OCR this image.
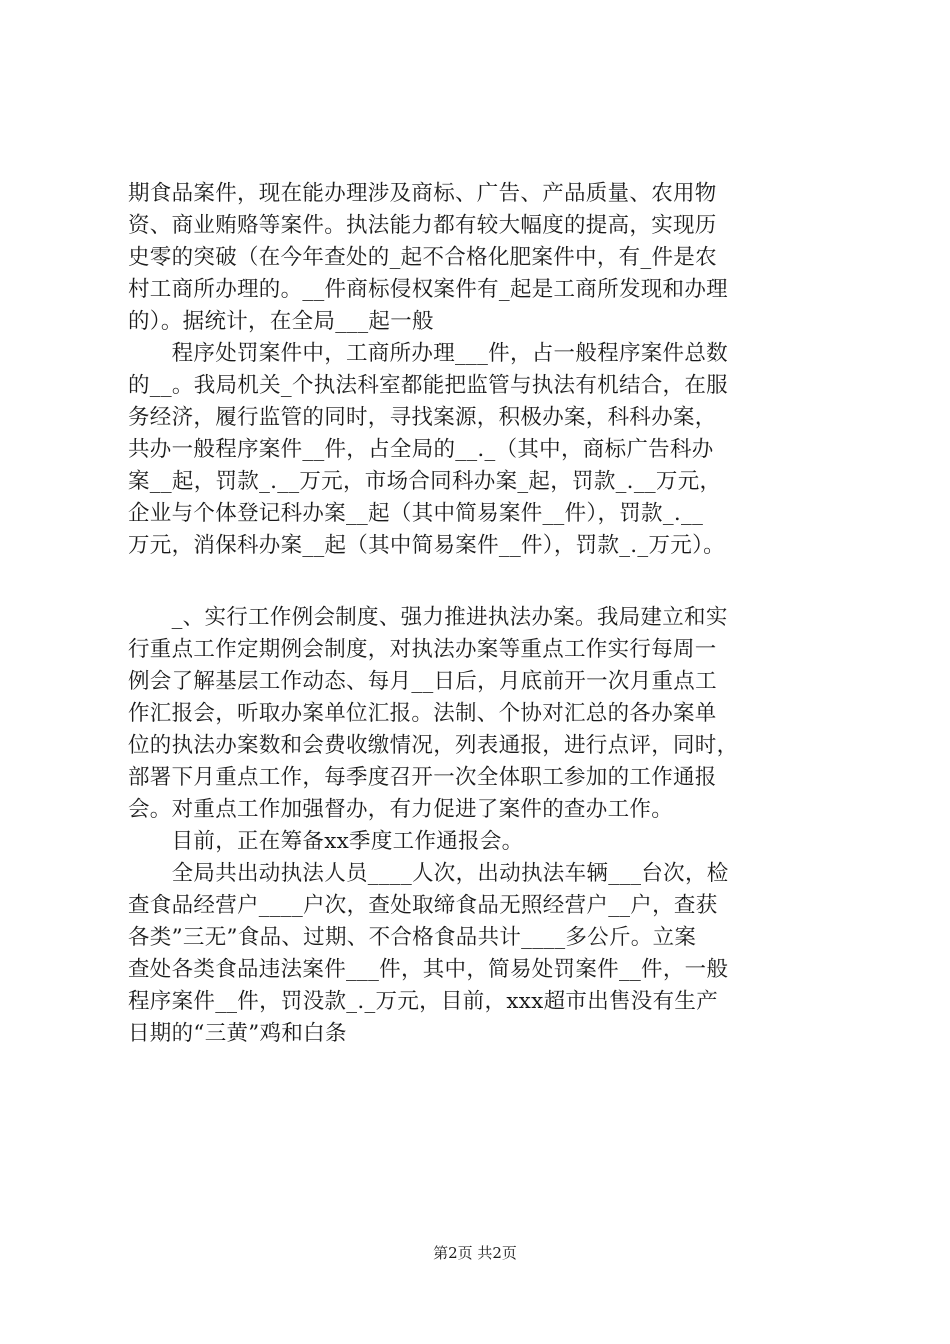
期食品案件，现在能办理涉及商标、广告、产品质量、农用物
资、商业贿赂等案件。执法能力都有较大幅度的提高，实现历
史零的突破（在今年查处的_起不合格化肥案件中，有_件是农
村工商所办理的。__件商标侵权案件有_起是工商所发现和办理
的）。据统计，在全局___起一般
　　程序处罚案件中，工商所办理___件，占一般程序案件总数
的__。我局机关_个执法科室都能把监管与执法有机结合，在服
务经济，履行监管的同时，寻找案源，积极办案，科科办案，
共办一般程序案件__件，占全局的__._（其中，商标广告科办
案__起，罚款_.__万元，市场合同科办案_起，罚款_.__万元，
企业与个体登记科办案__起（其中简易案件__件），罚款_.__
万元，消保科办案__起（其中简易案件__件），罚款_._万元）。
　　_、实行工作例会制度、强力推进执法办案。我局建立和实
行重点工作定期例会制度，对执法办案等重点工作实行每周一
例会了解基层工作动态、每月__日后，月底前开一次月重点工
作汇报会，听取办案单位汇报。法制、个协对汇总的各办案单
位的执法办案数和会费收缴情况，列表通报，进行点评，同时，
部署下月重点工作，每季度召开一次全体职工参加的工作通报
会。对重点工作加强督办，有力促进了案件的查办工作。
　　目前，正在筹备xx季度工作通报会。
　　全局共出动执法人员____人次，出动执法车辆___台次，检
查食品经营户____户次，查处取缔食品无照经营户__户，查获
各类”三无”食品、过期、不合格食品共计____多公斤。立案
查处各类食品违法案件___件，其中，简易处罚案件__件，一般
程序案件__件，罚没款_._万元，目前，xxx超市出售没有生产
日期的“三黄”鸡和白条
第2页 共2页
